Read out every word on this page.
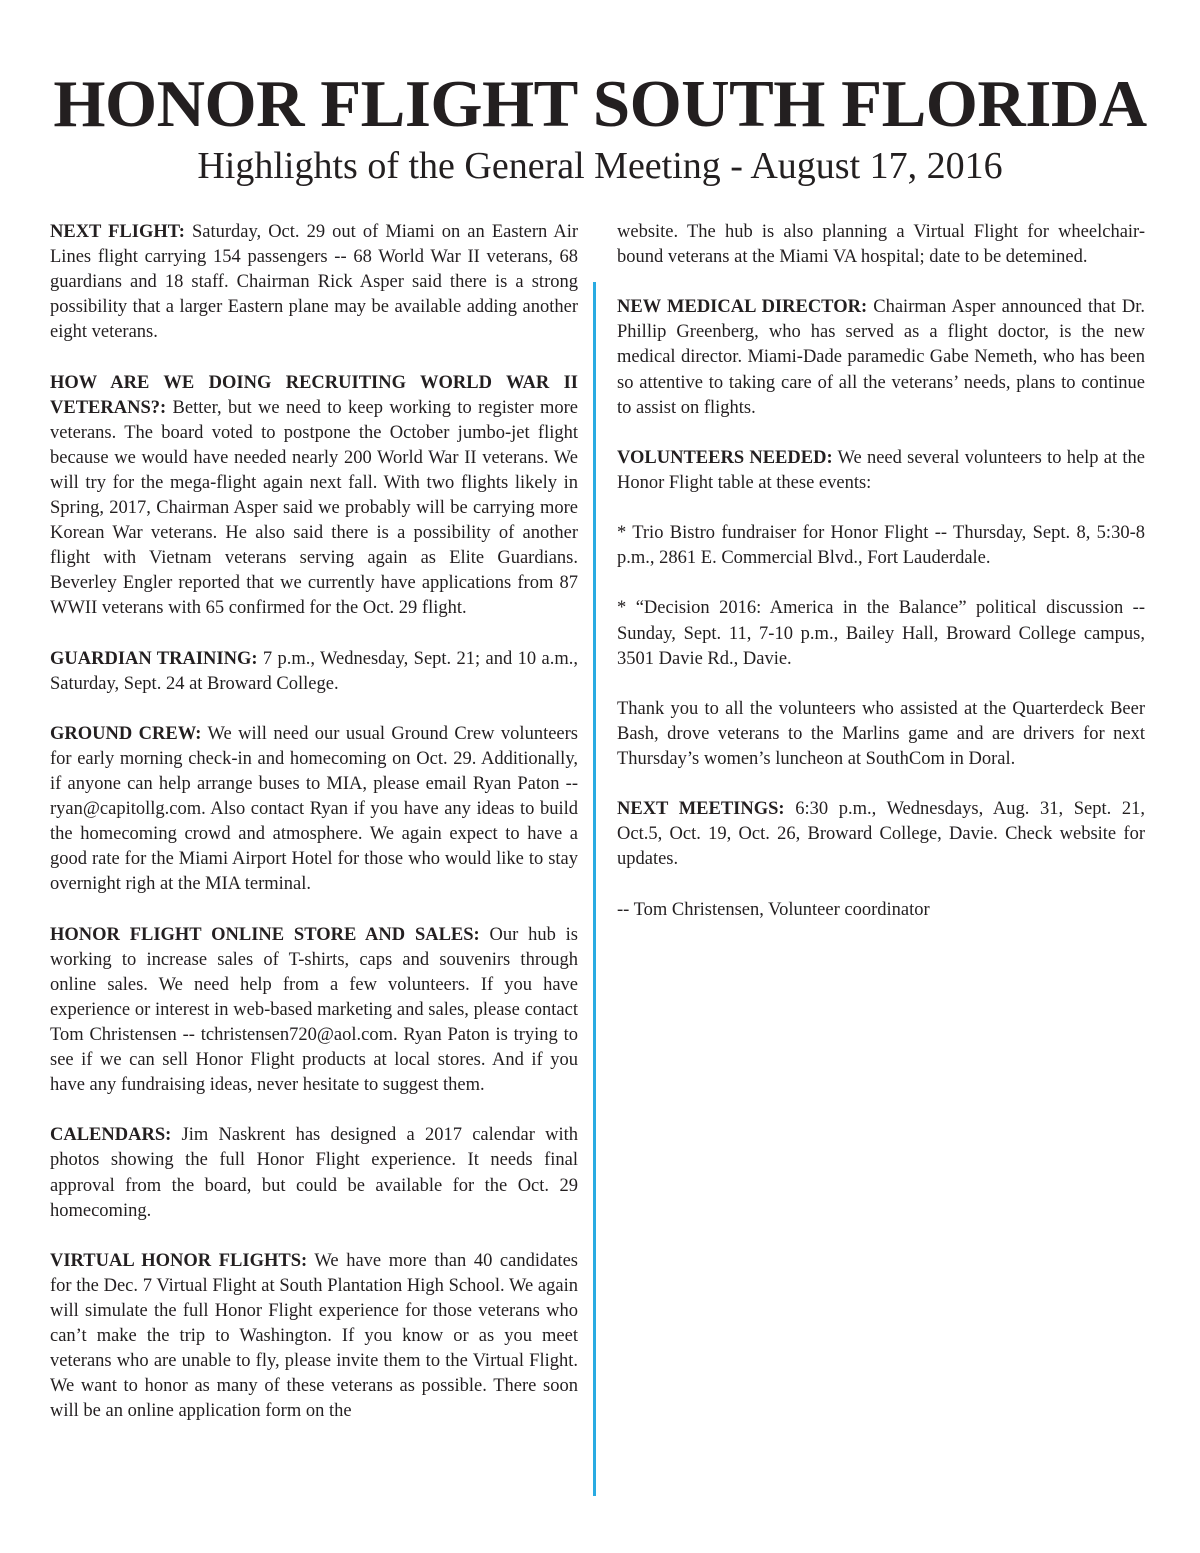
HONOR FLIGHT SOUTH FLORIDA
Highlights of the General Meeting - August 17, 2016

NEXT FLIGHT: Saturday, Oct. 29 out of Miami on an Eastern Air Lines flight carrying 154 passengers -- 68 World War II veterans, 68 guardians and 18 staff. Chairman Rick Asper said there is a strong possibility that a larger Eastern plane may be available adding another eight veterans.

HOW ARE WE DOING RECRUITING WORLD WAR II VETERANS?: Better, but we need to keep working to register more veterans. The board voted to postpone the October jumbo-jet flight because we would have needed nearly 200 World War II veterans. We will try for the mega-flight again next fall. With two flights likely in Spring, 2017, Chairman Asper said we probably will be carrying more Korean War veterans. He also said there is a possibility of another flight with Vietnam veterans serving again as Elite Guardians. Beverley Engler reported that we currently have applications from 87 WWII veterans with 65 confirmed for the Oct. 29 flight.

GUARDIAN TRAINING: 7 p.m., Wednesday, Sept. 21; and 10 a.m., Saturday, Sept. 24 at Broward College.

GROUND CREW: We will need our usual Ground Crew volunteers for early morning check-in and homecoming on Oct. 29. Additionally, if anyone can help arrange buses to MIA, please email Ryan Paton -- ryan@capitollg.com. Also contact Ryan if you have any ideas to build the homecoming crowd and atmosphere. We again expect to have a good rate for the Miami Airport Hotel for those who would like to stay overnight righ at the MIA terminal.

HONOR FLIGHT ONLINE STORE AND SALES: Our hub is working to increase sales of T-shirts, caps and souvenirs through online sales. We need help from a few volunteers. If you have experience or interest in web-based marketing and sales, please contact Tom Christensen -- tchristensen720@aol.com. Ryan Paton is trying to see if we can sell Honor Flight products at local stores. And if you have any fundraising ideas, never hesitate to suggest them.

CALENDARS: Jim Naskrent has designed a 2017 calendar with photos showing the full Honor Flight experience. It needs final approval from the board, but could be available for the Oct. 29 homecoming.

VIRTUAL HONOR FLIGHTS: We have more than 40 candidates for the Dec. 7 Virtual Flight at South Plantation High School. We again will simulate the full Honor Flight experience for those veterans who can’t make the trip to Washington. If you know or as you meet veterans who are unable to fly, please invite them to the Virtual Flight. We want to honor as many of these veterans as possible. There soon will be an online application form on the

website. The hub is also planning a Virtual Flight for wheelchair-bound veterans at the Miami VA hospital; date to be detemined.

NEW MEDICAL DIRECTOR: Chairman Asper announced that Dr. Phillip Greenberg, who has served as a flight doctor, is the new medical director. Miami-Dade paramedic Gabe Nemeth, who has been so attentive to taking care of all the veterans’ needs, plans to continue to assist on flights.

VOLUNTEERS NEEDED: We need several volunteers to help at the Honor Flight table at these events:

* Trio Bistro fundraiser for Honor Flight -- Thursday, Sept. 8, 5:30-8 p.m., 2861 E. Commercial Blvd., Fort Lauderdale.

* “Decision 2016: America in the Balance” political discussion -- Sunday, Sept. 11, 7-10 p.m., Bailey Hall, Broward College campus, 3501 Davie Rd., Davie.

Thank you to all the volunteers who assisted at the Quarterdeck Beer Bash, drove veterans to the Marlins game and are drivers for next Thursday’s women’s luncheon at SouthCom in Doral.

NEXT MEETINGS: 6:30 p.m., Wednesdays, Aug. 31, Sept. 21, Oct.5, Oct. 19, Oct. 26, Broward College, Davie. Check website for updates.

-- Tom Christensen, Volunteer coordinator
